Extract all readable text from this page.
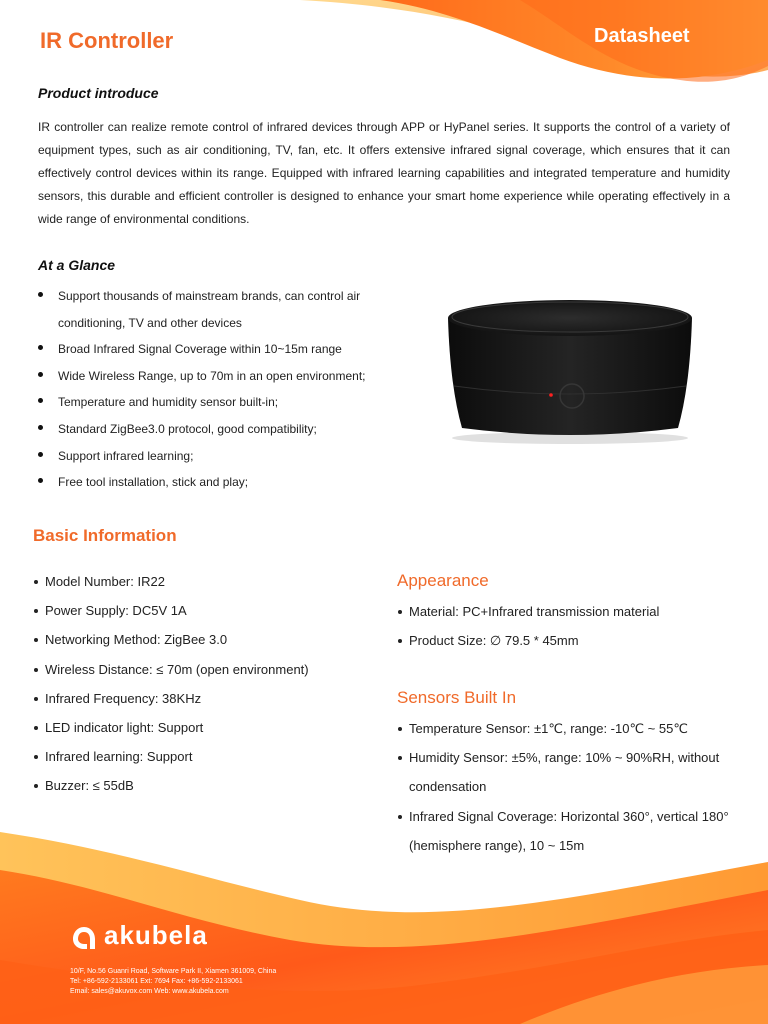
IR Controller	Datasheet
Product introduce
IR controller can realize remote control of infrared devices through APP or HyPanel series. It supports the control of a variety of equipment types, such as air conditioning, TV, fan, etc. It offers extensive infrared signal coverage, which ensures that it can effectively control devices within its range. Equipped with infrared learning capabilities and integrated temperature and humidity sensors, this durable and efficient controller is designed to enhance your smart home experience while operating effectively in a wide range of environmental conditions.
At a Glance
Support thousands of mainstream brands, can control air conditioning, TV and other devices
Broad Infrared Signal Coverage within 10~15m range
Wide Wireless Range, up to 70m in an open environment;
Temperature and humidity sensor built-in;
Standard ZigBee3.0 protocol, good compatibility;
Support infrared learning;
Free tool installation, stick and play;
Basic Information
Model Number: IR22
Power Supply: DC5V 1A
Networking Method: ZigBee 3.0
Wireless Distance: ≤ 70m (open environment)
Infrared Frequency: 38KHz
LED indicator light: Support
Infrared learning: Support
Buzzer: ≤ 55dB
Appearance
Material: PC+Infrared transmission material
Product Size: ∅ 79.5 * 45mm
Sensors Built In
Temperature Sensor: ±1℃, range: -10℃ ~ 55℃
Humidity Sensor: ±5%, range: 10% ~ 90%RH, without condensation
Infrared Signal Coverage: Horizontal 360°, vertical 180° (hemisphere range), 10 ~ 15m
akubela
10/F, No.56 Guanri Road, Software Park II, Xiamen 361009, China
Tel: +86-592-2133061 Ext: 7694 Fax: +86-592-2133061
Email: sales@akuvox.com Web: www.akubela.com
